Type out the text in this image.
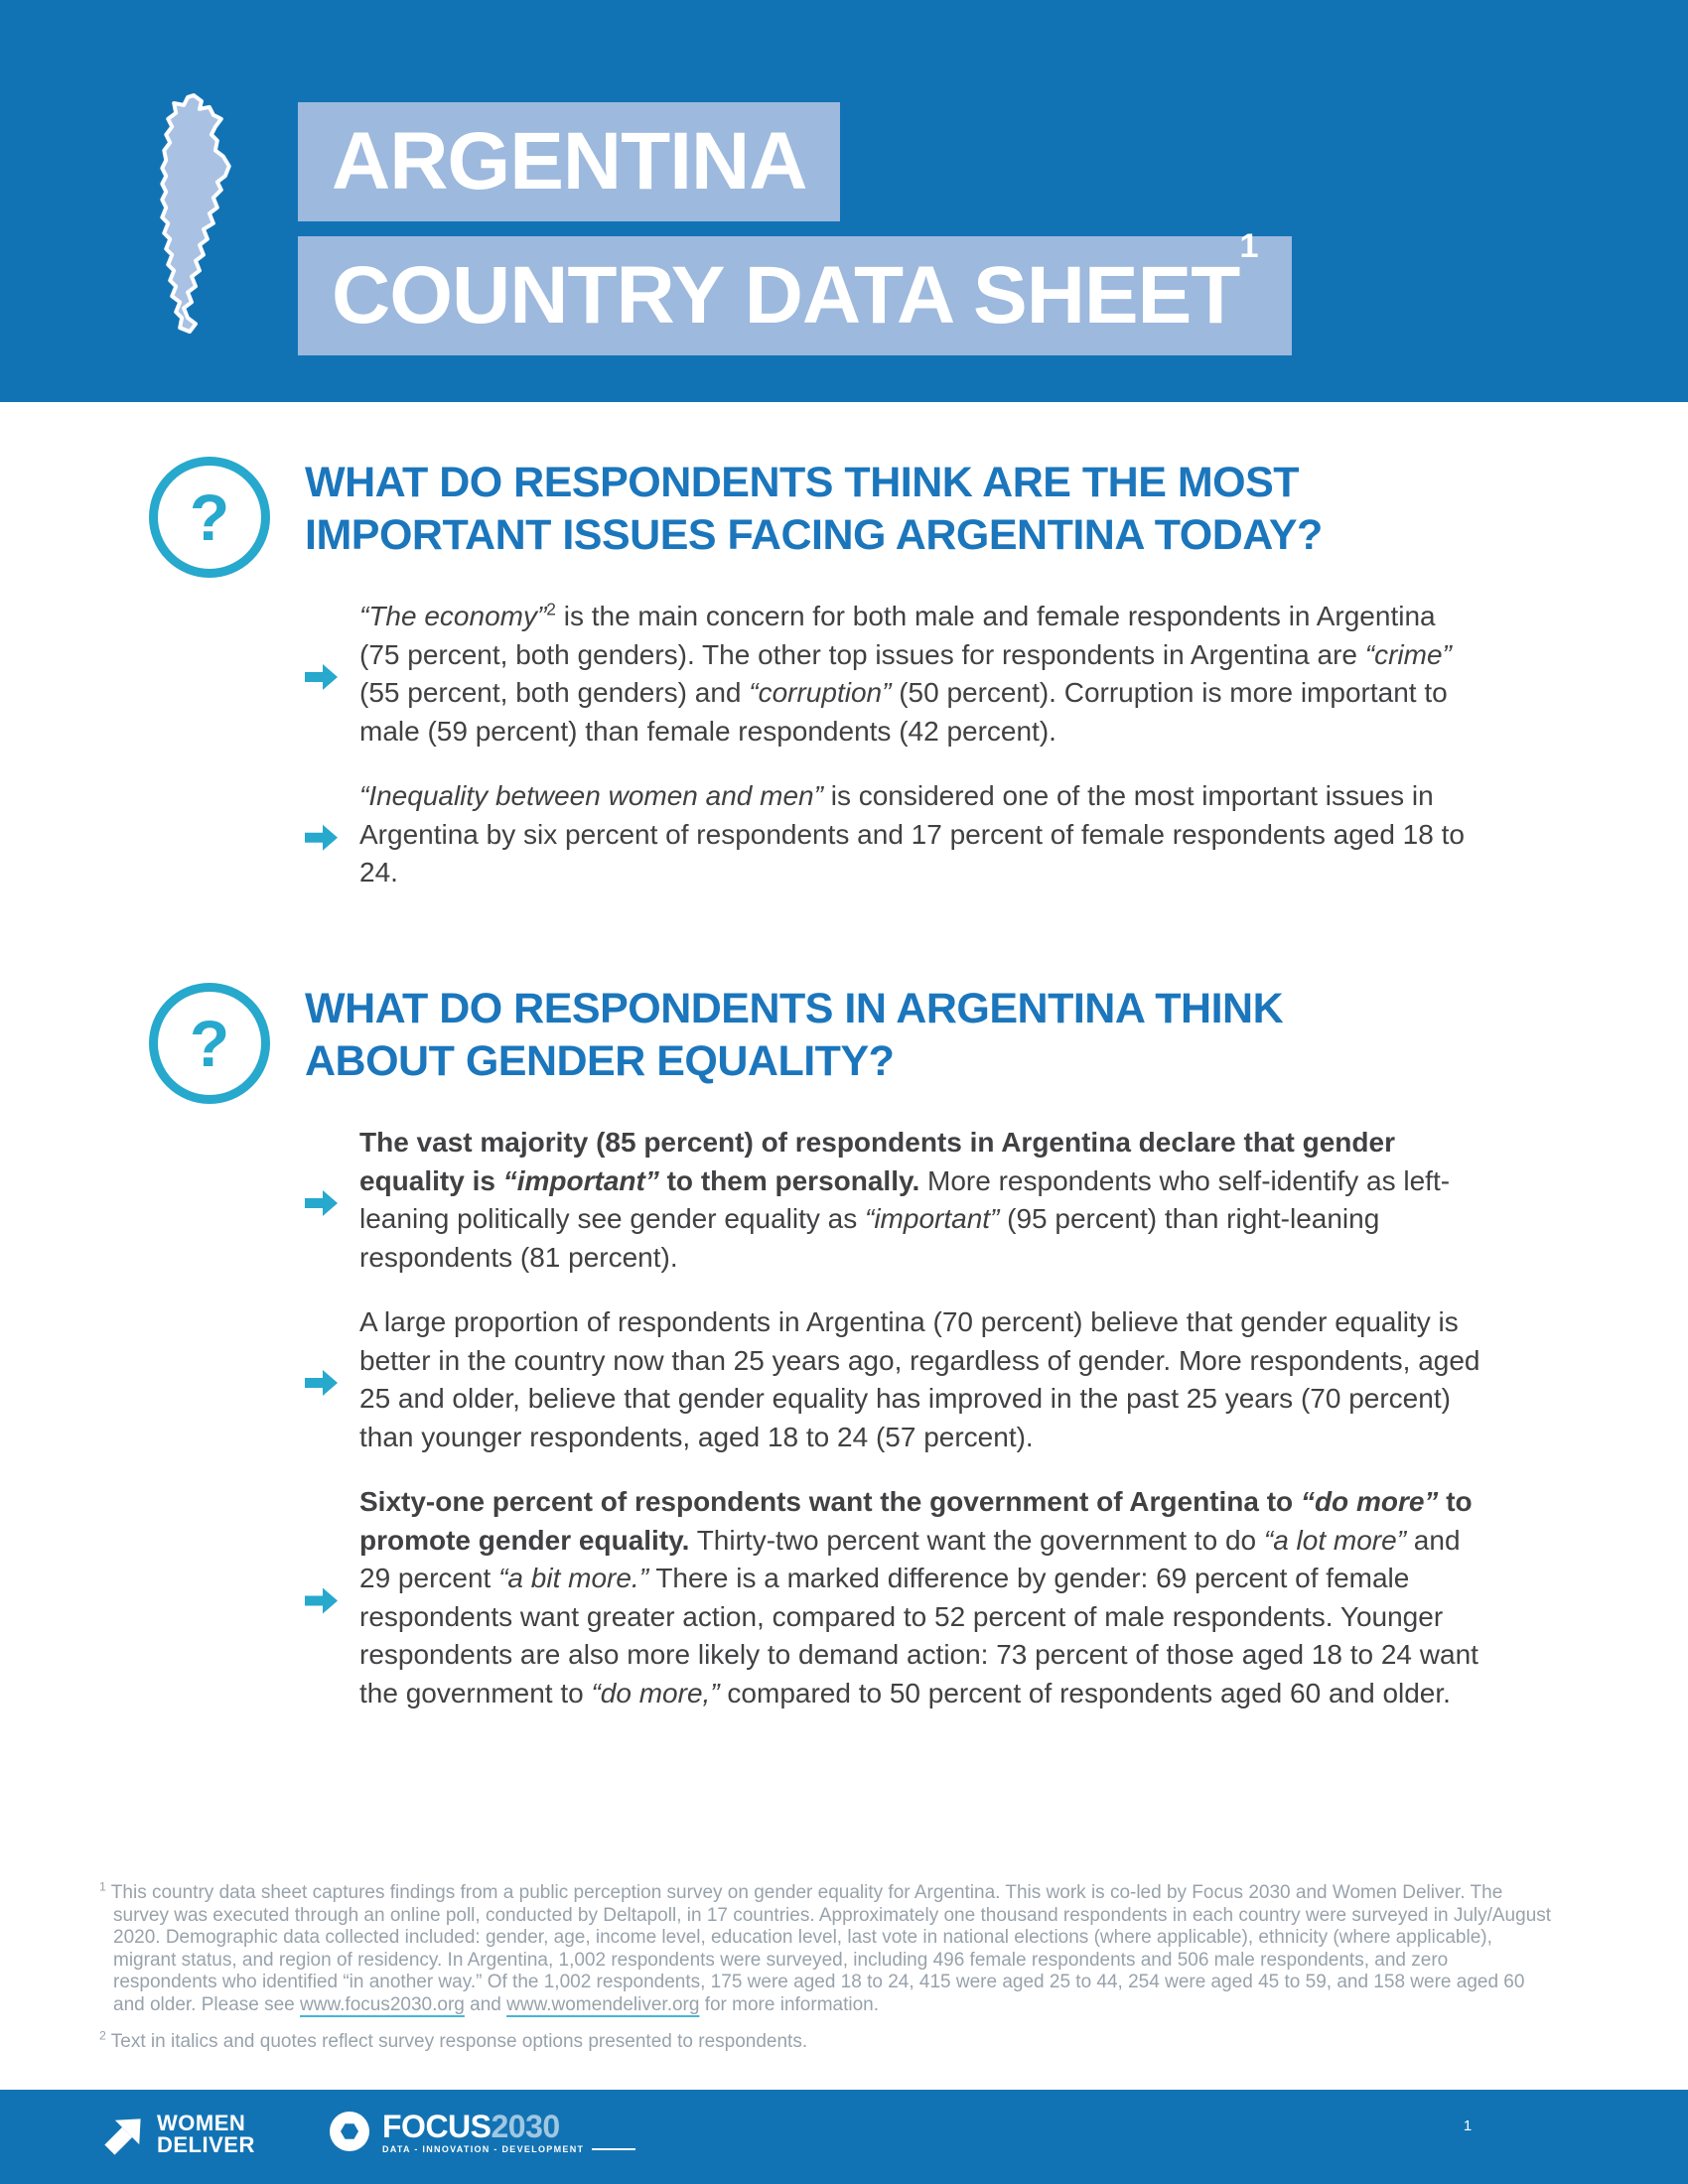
ARGENTINA
COUNTRY DATA SHEET$^1$
? WHAT DO RESPONDENTS THINK ARE THE MOST
IMPORTANT ISSUES FACING ARGENTINA TODAY?

“The economy”$^2$ is the main concern for both male and female respondents in Argentina (75 percent, both genders). The other top issues for respondents in Argentina are “crime” (55 percent, both genders) and “corruption” (50 percent). Corruption is more important to male (59 percent) than female respondents (42 percent).

“Inequality between women and men” is considered one of the most important issues in Argentina by six percent of respondents and 17 percent of female respondents aged 18 to 24.

? WHAT DO RESPONDENTS IN ARGENTINA THINK
ABOUT GENDER EQUALITY?

The vast majority (85 percent) of respondents in Argentina declare that gender equality is “important” to them personally. More respondents who self-identify as left-leaning politically see gender equality as “important” (95 percent) than right-leaning respondents (81 percent).

A large proportion of respondents in Argentina (70 percent) believe that gender equality is better in the country now than 25 years ago, regardless of gender. More respondents, aged 25 and older, believe that gender equality has improved in the past 25 years (70 percent) than younger respondents, aged 18 to 24 (57 percent).

Sixty-one percent of respondents want the government of Argentina to “do more” to promote gender equality. Thirty-two percent want the government to do “a lot more” and 29 percent “a bit more.” There is a marked difference by gender: 69 percent of female respondents want greater action, compared to 52 percent of male respondents. Younger respondents are also more likely to demand action: 73 percent of those aged 18 to 24 want the government to “do more,” compared to 50 percent of respondents aged 60 and older.

$^1$ This country data sheet captures findings from a public perception survey on gender equality for Argentina. This work is co-led by Focus 2030 and Women Deliver. The survey was executed through an online poll, conducted by Deltapoll, in 17 countries. Approximately one thousand respondents in each country were surveyed in July/August 2020. Demographic data collected included: gender, age, income level, education level, last vote in national elections (where applicable), ethnicity (where applicable), migrant status, and region of residency. In Argentina, 1,002 respondents were surveyed, including 496 female respondents and 506 male respondents, and zero respondents who identified “in another way.” Of the 1,002 respondents, 175 were aged 18 to 24, 415 were aged 25 to 44, 254 were aged 45 to 59, and 158 were aged 60 and older. Please see www.focus2030.org and www.womendeliver.org for more information.

$^2$ Text in italics and quotes reflect survey response options presented to respondents.

WOMEN
DELIVER
FOCUS2030
DATA - INNOVATION - DEVELOPMENT
1
